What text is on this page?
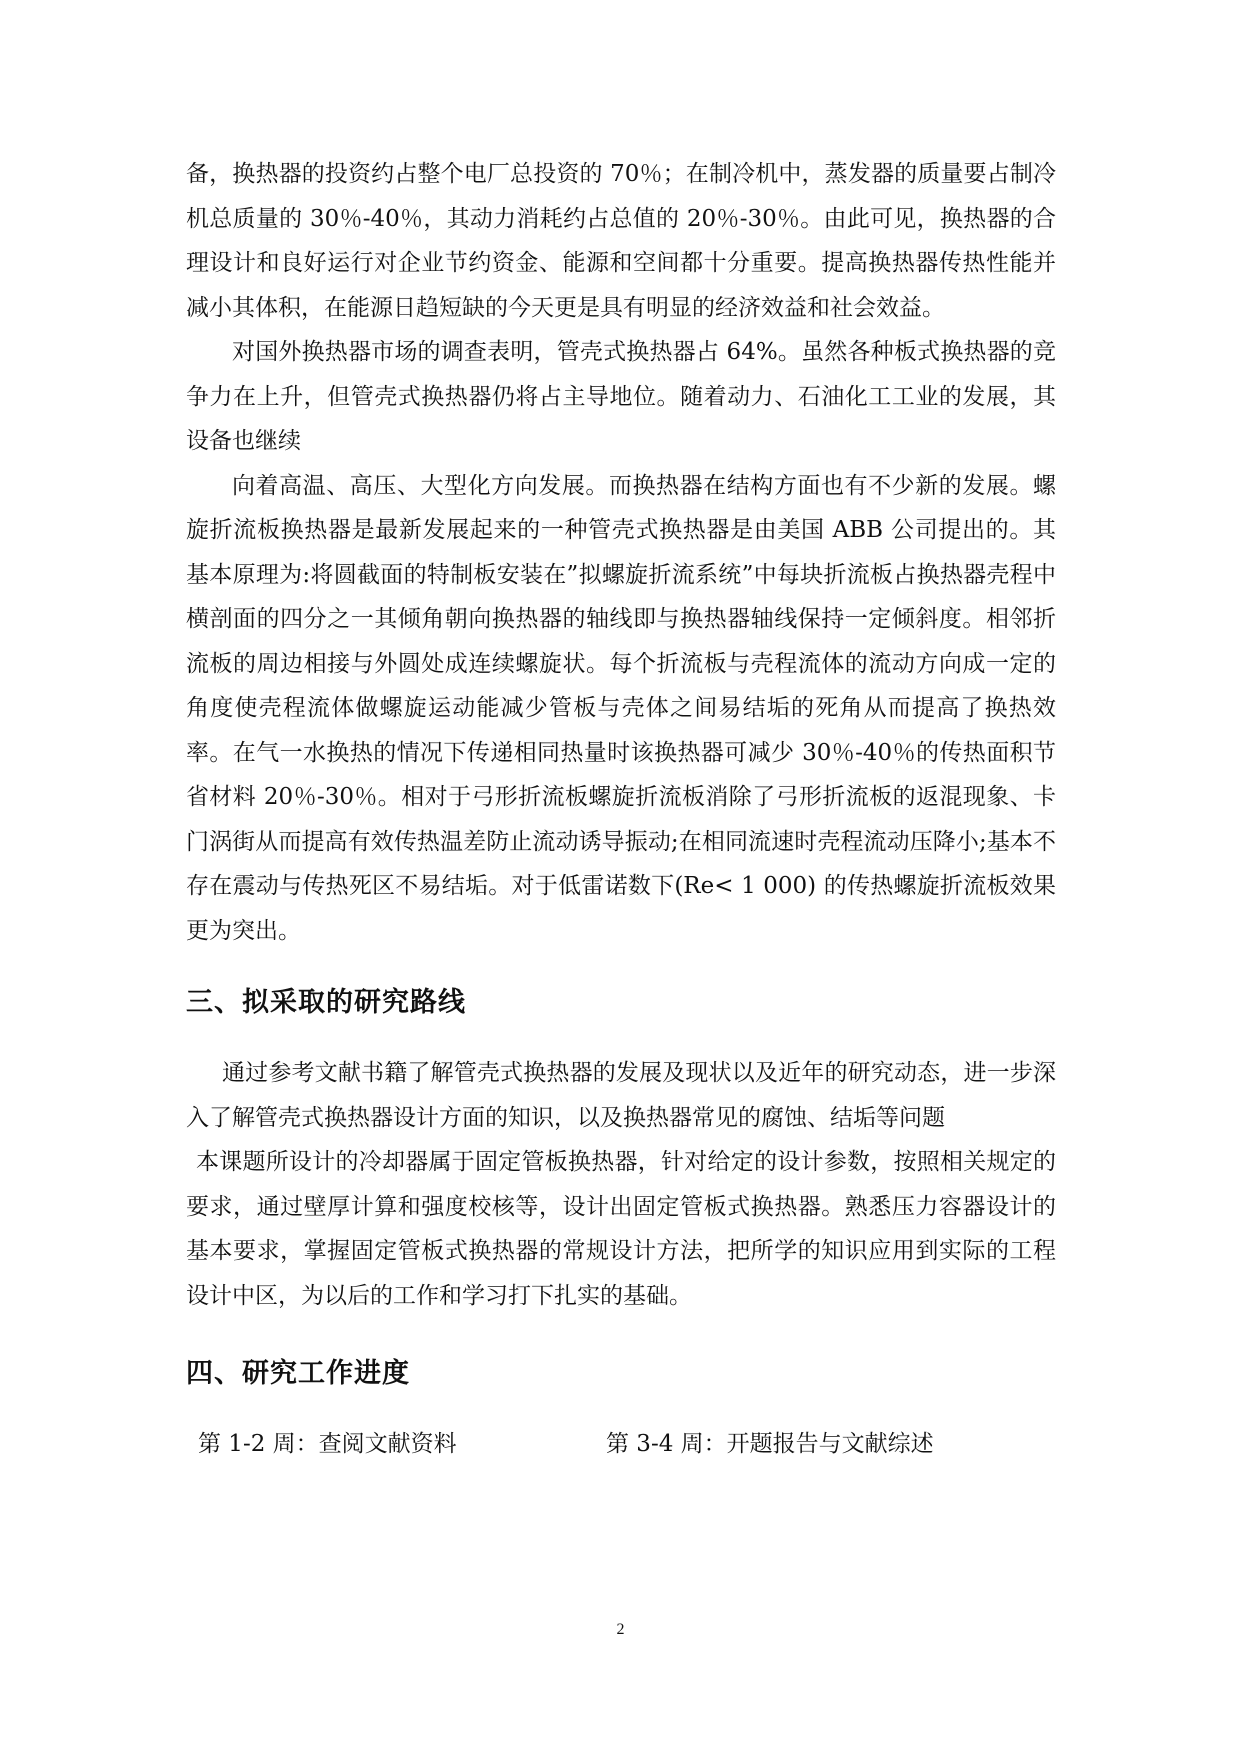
备，换热器的投资约占整个电厂总投资的 70％；在制冷机中，蒸发器的质量要占制冷机总质量的 30％-40％，其动力消耗约占总值的 20％-30％。由此可见，换热器的合理设计和良好运行对企业节约资金、能源和空间都十分重要。提高换热器传热性能并减小其体积，在能源日趋短缺的今天更是具有明显的经济效益和社会效益。

对国外换热器市场的调查表明，管壳式换热器占 64%。虽然各种板式换热器的竞争力在上升，但管壳式换热器仍将占主导地位。随着动力、石油化工工业的发展，其设备也继续

向着高温、高压、大型化方向发展。而换热器在结构方面也有不少新的发展。螺旋折流板换热器是最新发展起来的一种管壳式换热器是由美国 ABB 公司提出的。其基本原理为:将圆截面的特制板安装在”拟螺旋折流系统”中每块折流板占换热器壳程中横剖面的四分之一其倾角朝向换热器的轴线即与换热器轴线保持一定倾斜度。相邻折流板的周边相接与外圆处成连续螺旋状。每个折流板与壳程流体的流动方向成一定的角度使壳程流体做螺旋运动能减少管板与壳体之间易结垢的死角从而提高了换热效率。在气一水换热的情况下传递相同热量时该换热器可减少 30％-40％的传热面积节省材料 20％-30％。相对于弓形折流板螺旋折流板消除了弓形折流板的返混现象、卡门涡街从而提高有效传热温差防止流动诱导振动;在相同流速时壳程流动压降小;基本不存在震动与传热死区不易结垢。对于低雷诺数下(Re< 1 000) 的传热螺旋折流板效果更为突出。

三、拟采取的研究路线

通过参考文献书籍了解管壳式换热器的发展及现状以及近年的研究动态，进一步深入了解管壳式换热器设计方面的知识，以及换热器常见的腐蚀、结垢等问题

本课题所设计的冷却器属于固定管板换热器，针对给定的设计参数，按照相关规定的要求，通过壁厚计算和强度校核等，设计出固定管板式换热器。熟悉压力容器设计的基本要求，掌握固定管板式换热器的常规设计方法，把所学的知识应用到实际的工程设计中区，为以后的工作和学习打下扎实的基础。

四、研究工作进度
第 1-2 周：查阅文献资料	第 3-4 周：开题报告与文献综述
2
